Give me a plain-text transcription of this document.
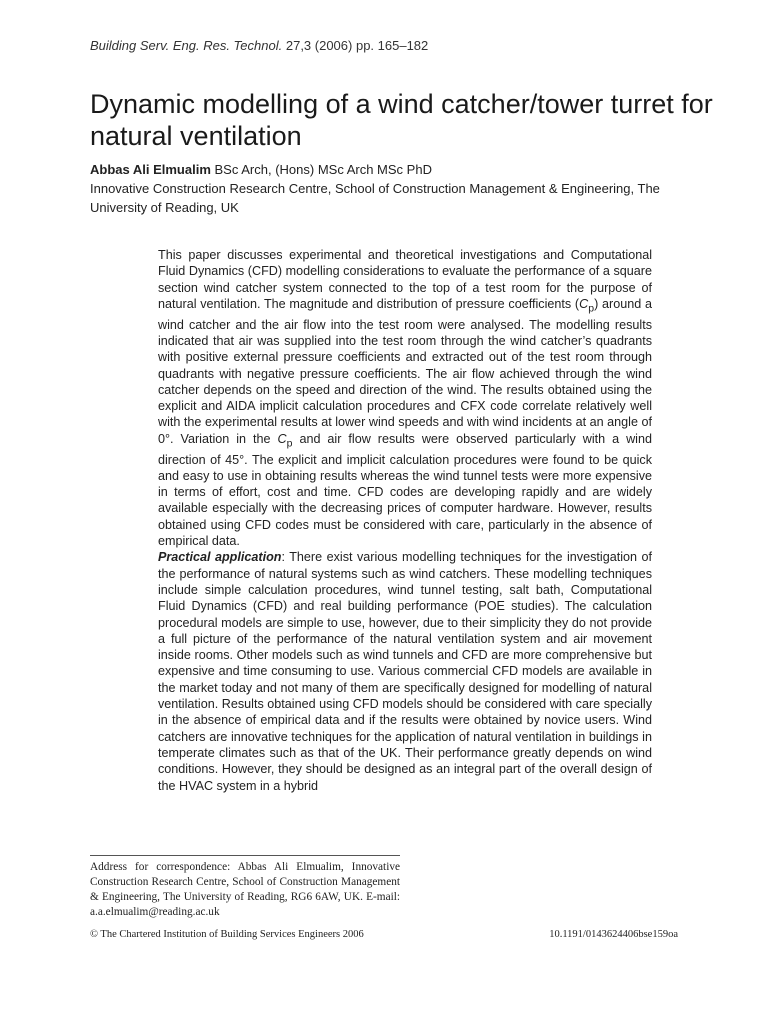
Building Serv. Eng. Res. Technol. 27,3 (2006) pp. 165–182
Dynamic modelling of a wind catcher/tower turret for natural ventilation
Abbas Ali Elmualim BSc Arch, (Hons) MSc Arch MSc PhD
Innovative Construction Research Centre, School of Construction Management & Engineering, The University of Reading, UK

This paper discusses experimental and theoretical investigations and Computational Fluid Dynamics (CFD) modelling considerations to evaluate the performance of a square section wind catcher system connected to the top of a test room for the purpose of natural ventilation. The magnitude and distribution of pressure coefficients $(C_p)$ around a wind catcher and the air flow into the test room were analysed. The modelling results indicated that air was supplied into the test room through the wind catcher’s quadrants with positive external pressure coefficients and extracted out of the test room through quadrants with negative pressure coefficients. The air flow achieved through the wind catcher depends on the speed and direction of the wind. The results obtained using the explicit and AIDA implicit calculation procedures and CFX code correlate relatively well with the experimental results at lower wind speeds and with wind incidents at an angle of 0°. Variation in the $C_p$ and air flow results were observed particularly with a wind direction of 45°. The explicit and implicit calculation procedures were found to be quick and easy to use in obtaining results whereas the wind tunnel tests were more expensive in terms of effort, cost and time. CFD codes are developing rapidly and are widely available especially with the decreasing prices of computer hardware. However, results obtained using CFD codes must be considered with care, particularly in the absence of empirical data.

Practical application: There exist various modelling techniques for the investigation of the performance of natural systems such as wind catchers. These modelling techniques include simple calculation procedures, wind tunnel testing, salt bath, Computational Fluid Dynamics (CFD) and real building performance (POE studies). The calculation procedural models are simple to use, however, due to their simplicity they do not provide a full picture of the performance of the natural ventilation system and air movement inside rooms. Other models such as wind tunnels and CFD are more comprehensive but expensive and time consuming to use. Various commercial CFD models are available in the market today and not many of them are specifically designed for modelling of natural ventilation. Results obtained using CFD models should be considered with care specially in the absence of empirical data and if the results were obtained by novice users. Wind catchers are innovative techniques for the application of natural ventilation in buildings in temperate climates such as that of the UK. Their performance greatly depends on wind conditions. However, they should be designed as an integral part of the overall design of the HVAC system in a hybrid

Address for correspondence: Abbas Ali Elmualim, Innovative Construction Research Centre, School of Construction Management & Engineering, The University of Reading, RG6 6AW, UK. E-mail: a.a.elmualim@reading.ac.uk
© The Chartered Institution of Building Services Engineers 2006	10.1191/0143624406bse159oa
